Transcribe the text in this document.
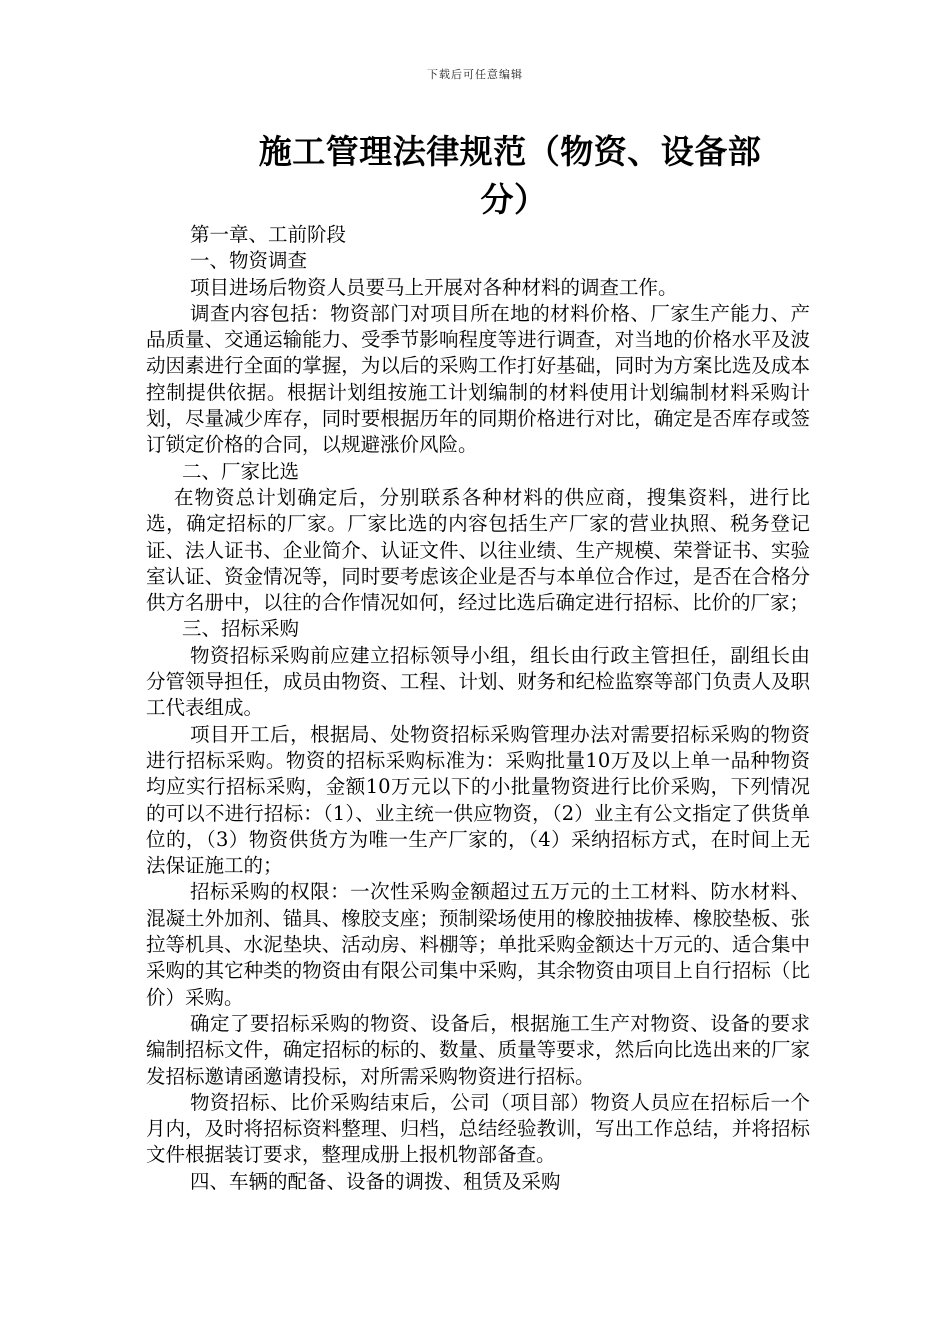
下载后可任意编辑
施工管理法律规范（物资、设备部
分）

第一章、工前阶段

一、物资调查

项目进场后物资人员要马上开展对各种材料的调查工作。

调查内容包括：物资部门对项目所在地的材料价格、厂家生产能力、产品质量、交通运输能力、受季节影响程度等进行调查，对当地的价格水平及波动因素进行全面的掌握，为以后的采购工作打好基础，同时为方案比选及成本控制提供依据。根据计划组按施工计划编制的材料使用计划编制材料采购计划，尽量减少库存，同时要根据历年的同期价格进行对比，确定是否库存或签订锁定价格的合同，以规避涨价风险。

二、厂家比选

在物资总计划确定后，分别联系各种材料的供应商，搜集资料，进行比选，确定招标的厂家。厂家比选的内容包括生产厂家的营业执照、税务登记证、法人证书、企业简介、认证文件、以往业绩、生产规模、荣誉证书、实验室认证、资金情况等，同时要考虑该企业是否与本单位合作过，是否在合格分供方名册中，以往的合作情况如何，经过比选后确定进行招标、比价的厂家；

三、招标采购

物资招标采购前应建立招标领导小组，组长由行政主管担任，副组长由分管领导担任，成员由物资、工程、计划、财务和纪检监察等部门负责人及职工代表组成。

项目开工后，根据局、处物资招标采购管理办法对需要招标采购的物资进行招标采购。物资的招标采购标准为：采购批量10万及以上单一品种物资均应实行招标采购，金额10万元以下的小批量物资进行比价采购，下列情况的可以不进行招标：（1）、业主统一供应物资，（2）业主有公文指定了供货单位的，（3）物资供货方为唯一生产厂家的，（4）采纳招标方式，在时间上无法保证施工的；

招标采购的权限：一次性采购金额超过五万元的土工材料、防水材料、混凝土外加剂、锚具、橡胶支座；预制梁场使用的橡胶抽拔棒、橡胶垫板、张拉等机具、水泥垫块、活动房、料棚等；单批采购金额达十万元的、适合集中采购的其它种类的物资由有限公司集中采购，其余物资由项目上自行招标（比价）采购。

确定了要招标采购的物资、设备后，根据施工生产对物资、设备的要求编制招标文件，确定招标的标的、数量、质量等要求，然后向比选出来的厂家发招标邀请函邀请投标，对所需采购物资进行招标。

物资招标、比价采购结束后，公司（项目部）物资人员应在招标后一个月内，及时将招标资料整理、归档，总结经验教训，写出工作总结，并将招标文件根据装订要求，整理成册上报机物部备查。

四、车辆的配备、设备的调拨、租赁及采购
